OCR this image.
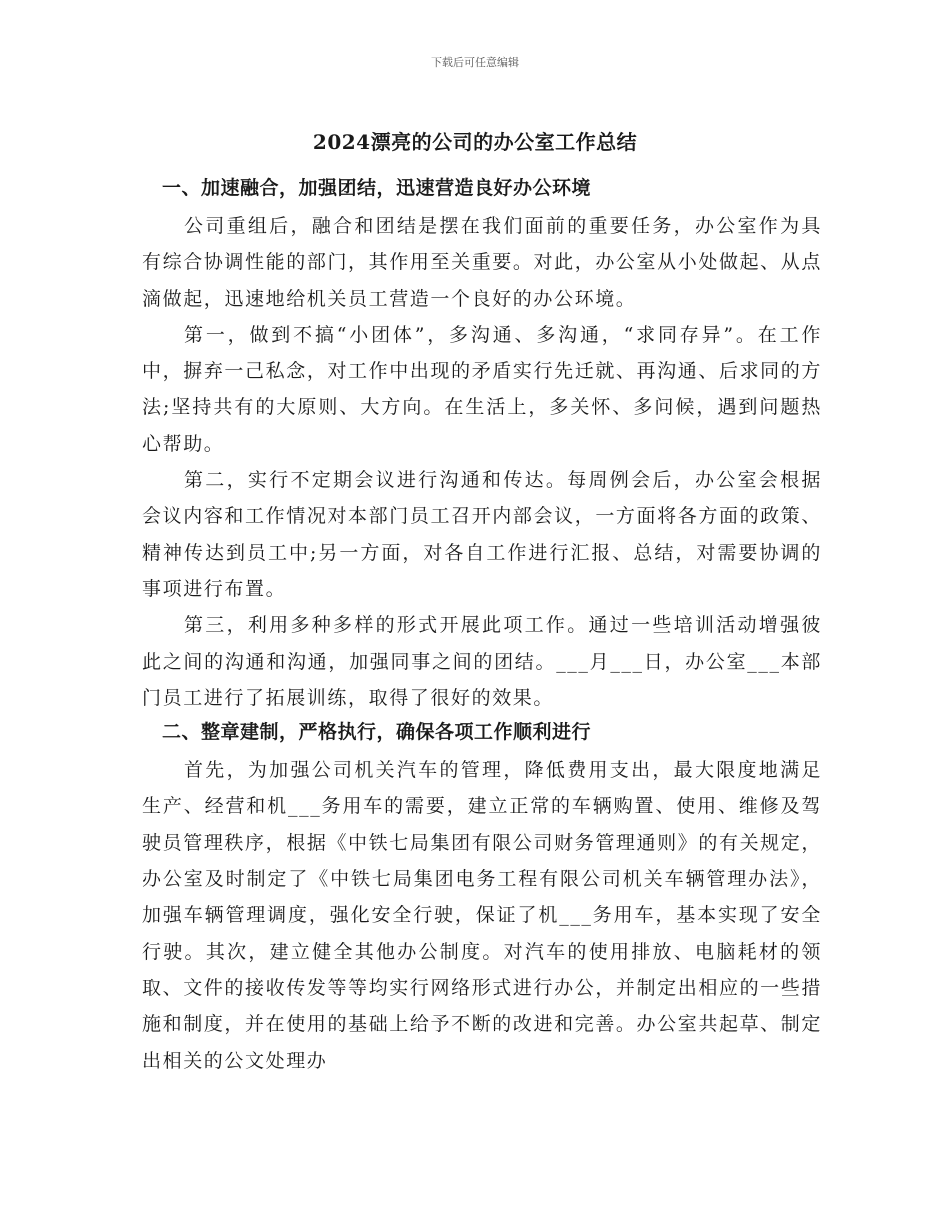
下载后可任意编辑
2024漂亮的公司的办公室工作总结
一、加速融合，加强团结，迅速营造良好办公环境

公司重组后，融合和团结是摆在我们面前的重要任务，办公室作为具有综合协调性能的部门，其作用至关重要。对此，办公室从小处做起、从点滴做起，迅速地给机关员工营造一个良好的办公环境。

第一，做到不搞“小团体”，多沟通、多沟通，“求同存异”。在工作中，摒弃一己私念，对工作中出现的矛盾实行先迁就、再沟通、后求同的方法;坚持共有的大原则、大方向。在生活上，多关怀、多问候，遇到问题热心帮助。

第二，实行不定期会议进行沟通和传达。每周例会后，办公室会根据会议内容和工作情况对本部门员工召开内部会议，一方面将各方面的政策、精神传达到员工中;另一方面，对各自工作进行汇报、总结，对需要协调的事项进行布置。

第三，利用多种多样的形式开展此项工作。通过一些培训活动增强彼此之间的沟通和沟通，加强同事之间的团结。___月___日，办公室___本部门员工进行了拓展训练，取得了很好的效果。

二、整章建制，严格执行，确保各项工作顺利进行

首先，为加强公司机关汽车的管理，降低费用支出，最大限度地满足生产、经营和机___务用车的需要，建立正常的车辆购置、使用、维修及驾驶员管理秩序，根据《中铁七局集团有限公司财务管理通则》的有关规定，办公室及时制定了《中铁七局集团电务工程有限公司机关车辆管理办法》，加强车辆管理调度，强化安全行驶，保证了机___务用车，基本实现了安全行驶。其次，建立健全其他办公制度。对汽车的使用排放、电脑耗材的领取、文件的接收传发等等均实行网络形式进行办公，并制定出相应的一些措施和制度，并在使用的基础上给予不断的改进和完善。办公室共起草、制定出相关的公文处理办
